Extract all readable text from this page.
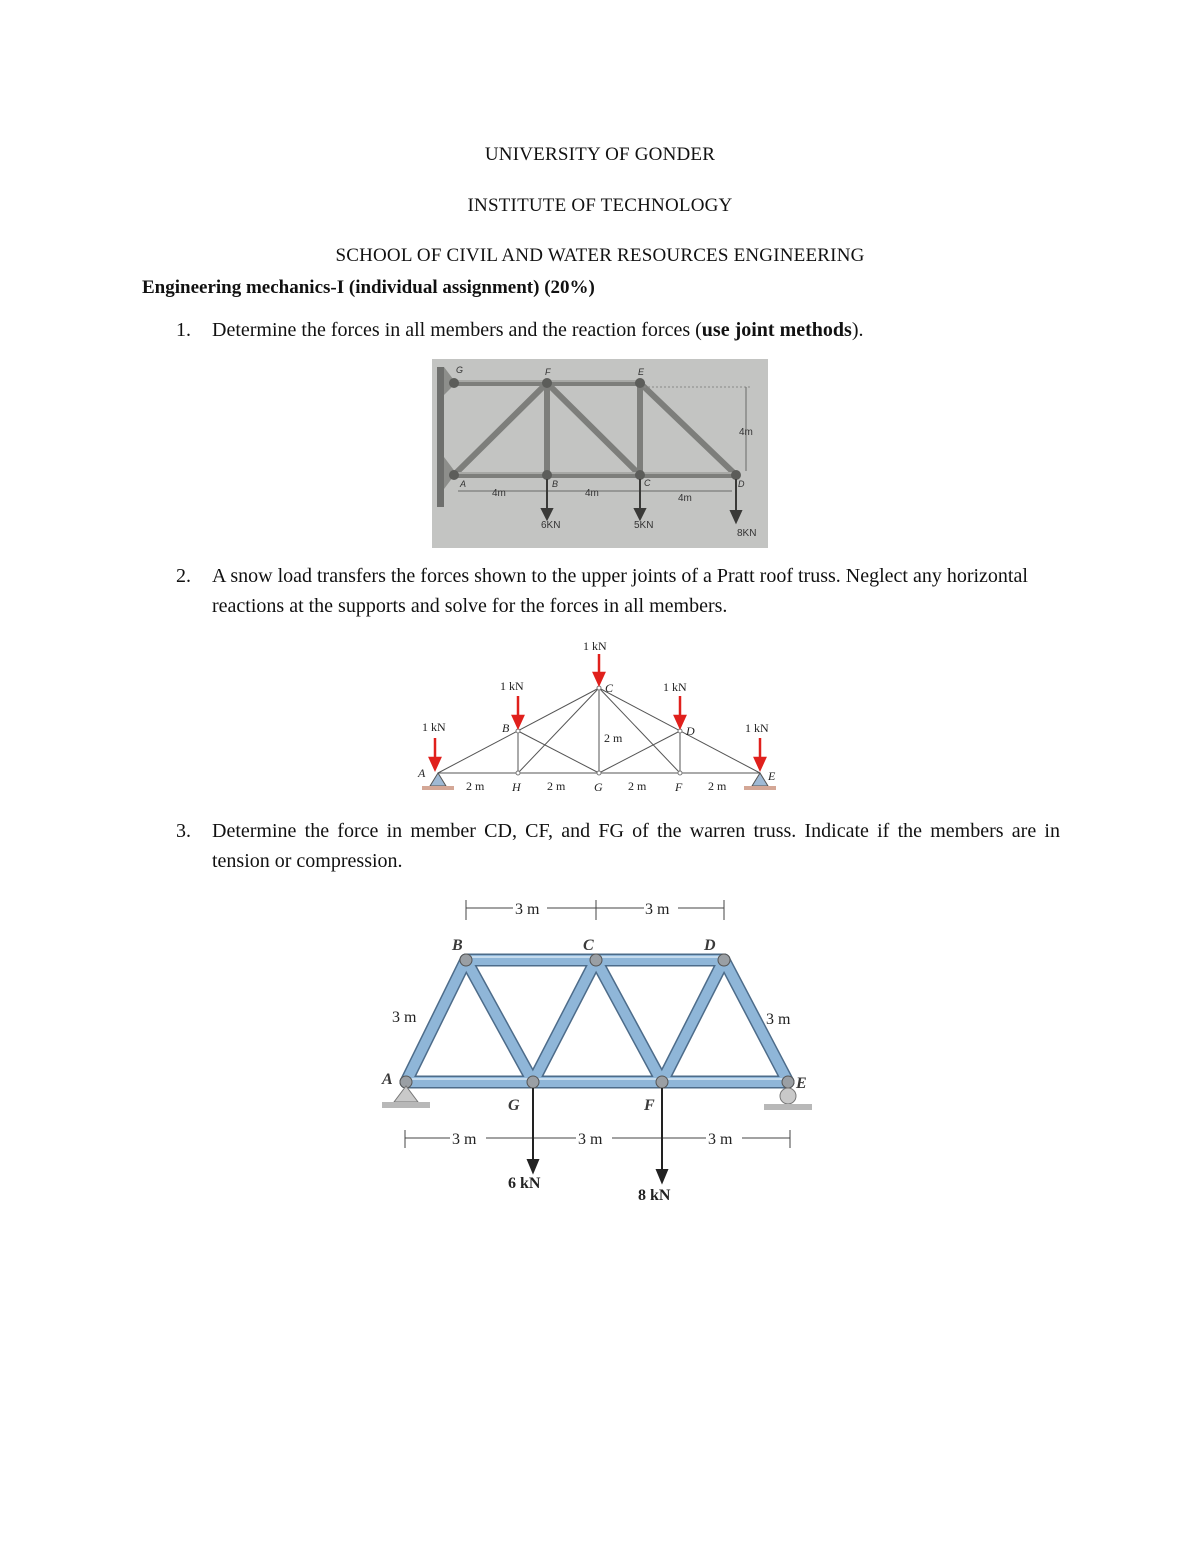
UNIVERSITY OF GONDER
INSTITUTE OF TECHNOLOGY
SCHOOL OF CIVIL AND WATER RESOURCES ENGINEERING
Engineering mechanics-I (individual assignment) (20%)
1. Determine the forces in all members and the reaction forces (use joint methods).
G	F	E
A	B	C	D
4m	4m	4m
4m
6KN	5KN
8KN
2. A snow load transfers the forces shown to the upper joints of a Pratt roof truss. Neglect any horizontal reactions at the supports and solve for the forces in all members.
1 kN
1 kN
1 kN
1 kN
1 kN
A
B
C
D
E
H	G	F
2 m	2 m	2 m	2 m
2 m
3. Determine the force in member CD, CF, and FG of the warren truss. Indicate if the members are in tension or compression.
B	C	D
A	E
G	F
3 m	3 m
3 m	3 m
3 m	3 m	3 m
6 kN
8 kN
